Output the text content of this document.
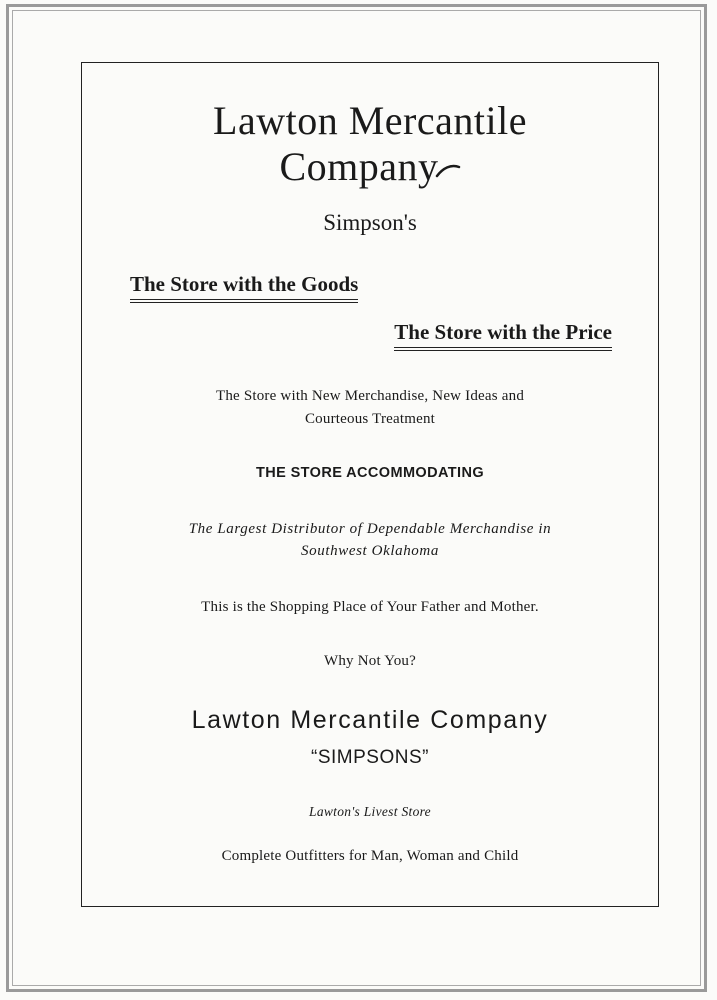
Lawton Mercantile
Company
Simpson's
The Store with the Goods
The Store with the Price
The Store with New Merchandise, New Ideas and
Courteous Treatment
THE STORE ACCOMMODATING
The Largest Distributor of Dependable Merchandise in
Southwest Oklahoma
This is the Shopping Place of Your Father and Mother.
Why Not You?
Lawton Mercantile Company
“SIMPSONS”
Lawton's Livest Store
Complete Outfitters for Man, Woman and Child
